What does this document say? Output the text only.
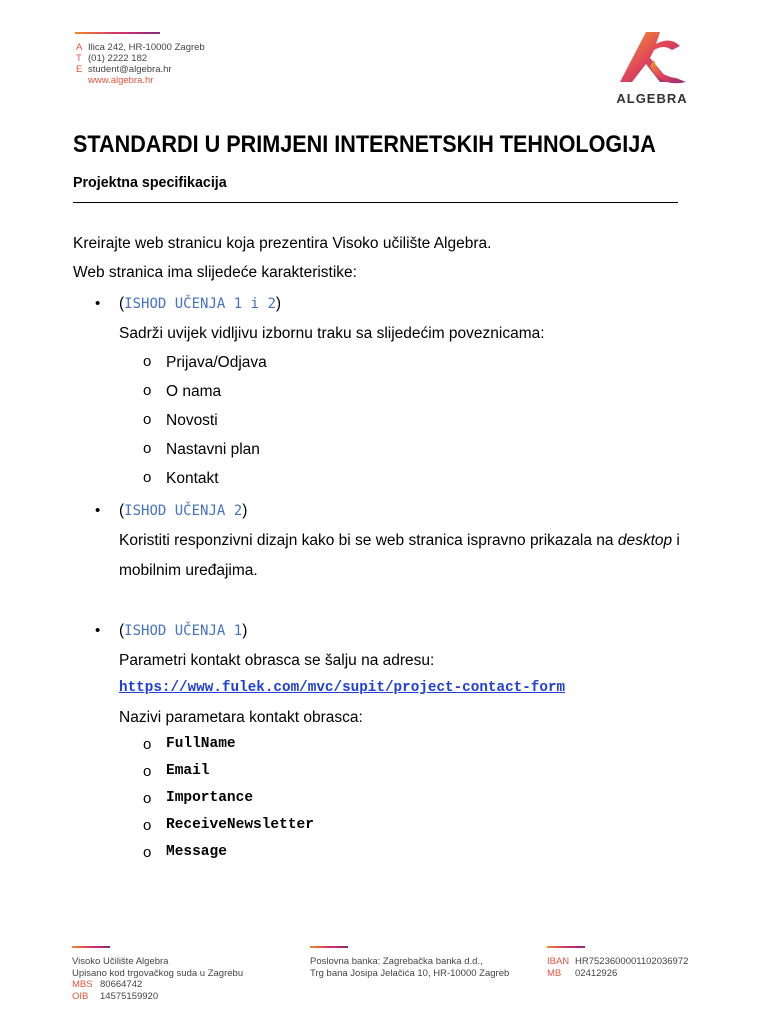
A Ilica 242, HR-10000 Zagreb
T (01) 2222 182
E student@algebra.hr
www.algebra.hr
ALGEBRA
STANDARDI U PRIMJENI INTERNETSKIH TEHNOLOGIJA
Projektna specifikacija
Kreirajte web stranicu koja prezentira Visoko učilište Algebra.
Web stranica ima slijedeće karakteristike:
• (ISHOD UČENJA 1 i 2)
Sadrži uvijek vidljivu izbornu traku sa slijedećim poveznicama:
o Prijava/Odjava
o O nama
o Novosti
o Nastavni plan
o Kontakt
• (ISHOD UČENJA 2)
Koristiti responzivni dizajn kako bi se web stranica ispravno prikazala na desktop i
mobilnim uređajima.
• (ISHOD UČENJA 1)
Parametri kontakt obrasca se šalju na adresu:
https://www.fulek.com/mvc/supit/project-contact-form
Nazivi parametara kontakt obrasca:
o FullName
o Email
o Importance
o ReceiveNewsletter
o Message
Visoko Učilište Algebra
Upisano kod trgovačkog suda u Zagrebu
MBS 80664742
OIB 14575159920
Poslovna banka: Zagrebačka banka d.d.,
Trg bana Josipa Jelačića 10, HR-10000 Zagreb
IBAN HR7523600001102036972
MB 02412926
